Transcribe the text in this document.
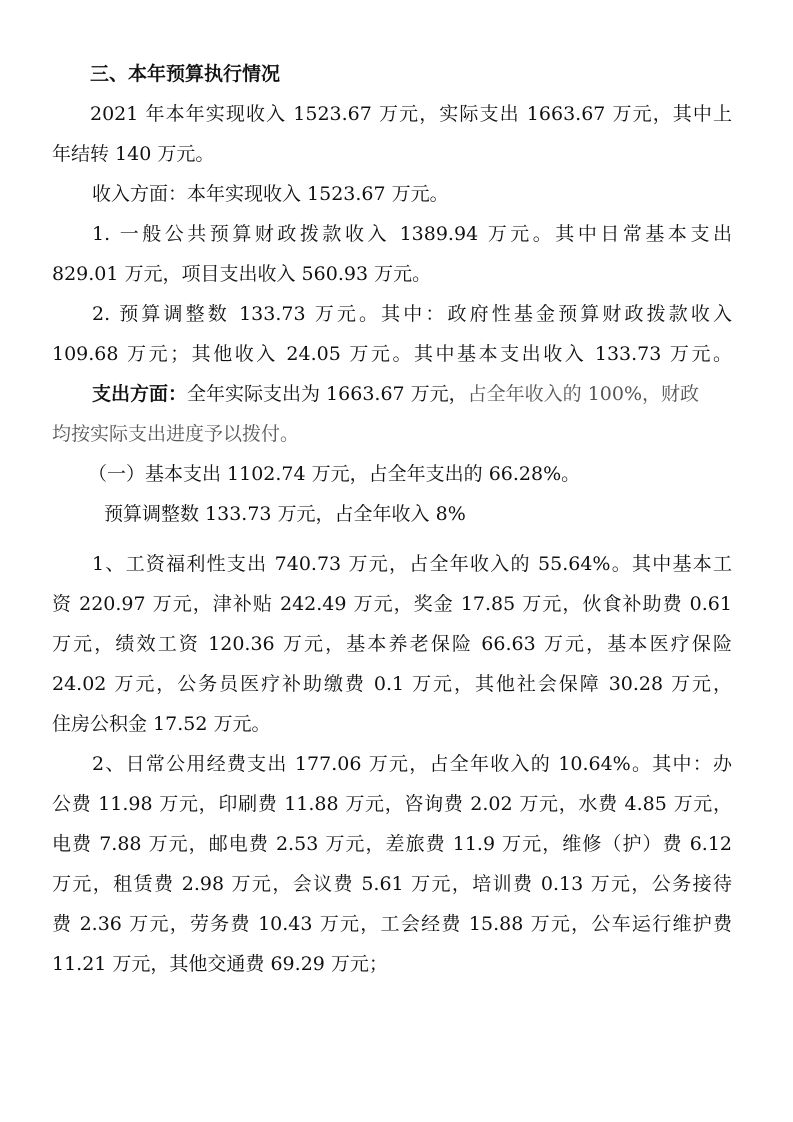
三、本年预算执行情况
2021 年本年实现收入 1523.67 万元，实际支出 1663.67 万元，其中上
年结转 140 万元。
收入方面：本年实现收入 1523.67 万元。
1. 一般公共预算财政拨款收入 1389.94 万元。其中日常基本支出
829.01 万元，项目支出收入 560.93 万元。
2. 预算调整数 133.73 万元。其中：政府性基金预算财政拨款收入
109.68 万元；其他收入 24.05 万元。其中基本支出收入 133.73 万元。
支出方面：全年实际支出为 1663.67 万元，占全年收入的 100%，财政
均按实际支出进度予以拨付。
（一）基本支出 1102.74 万元，占全年支出的 66.28%。
预算调整数 133.73 万元，占全年收入 8%
1、工资福利性支出 740.73 万元，占全年收入的 55.64%。其中基本工
资 220.97 万元，津补贴 242.49 万元，奖金 17.85 万元，伙食补助费 0.61
万元，绩效工资 120.36 万元，基本养老保险 66.63 万元，基本医疗保险
24.02 万元，公务员医疗补助缴费 0.1 万元，其他社会保障 30.28 万元，
住房公积金 17.52 万元。
2、日常公用经费支出 177.06 万元，占全年收入的 10.64%。其中：办
公费 11.98 万元，印刷费 11.88 万元，咨询费 2.02 万元，水费 4.85 万元，
电费 7.88 万元，邮电费 2.53 万元，差旅费 11.9 万元，维修（护）费 6.12
万元，租赁费 2.98 万元，会议费 5.61 万元，培训费 0.13 万元，公务接待
费 2.36 万元，劳务费 10.43 万元，工会经费 15.88 万元，公车运行维护费
11.21 万元，其他交通费 69.29 万元；
